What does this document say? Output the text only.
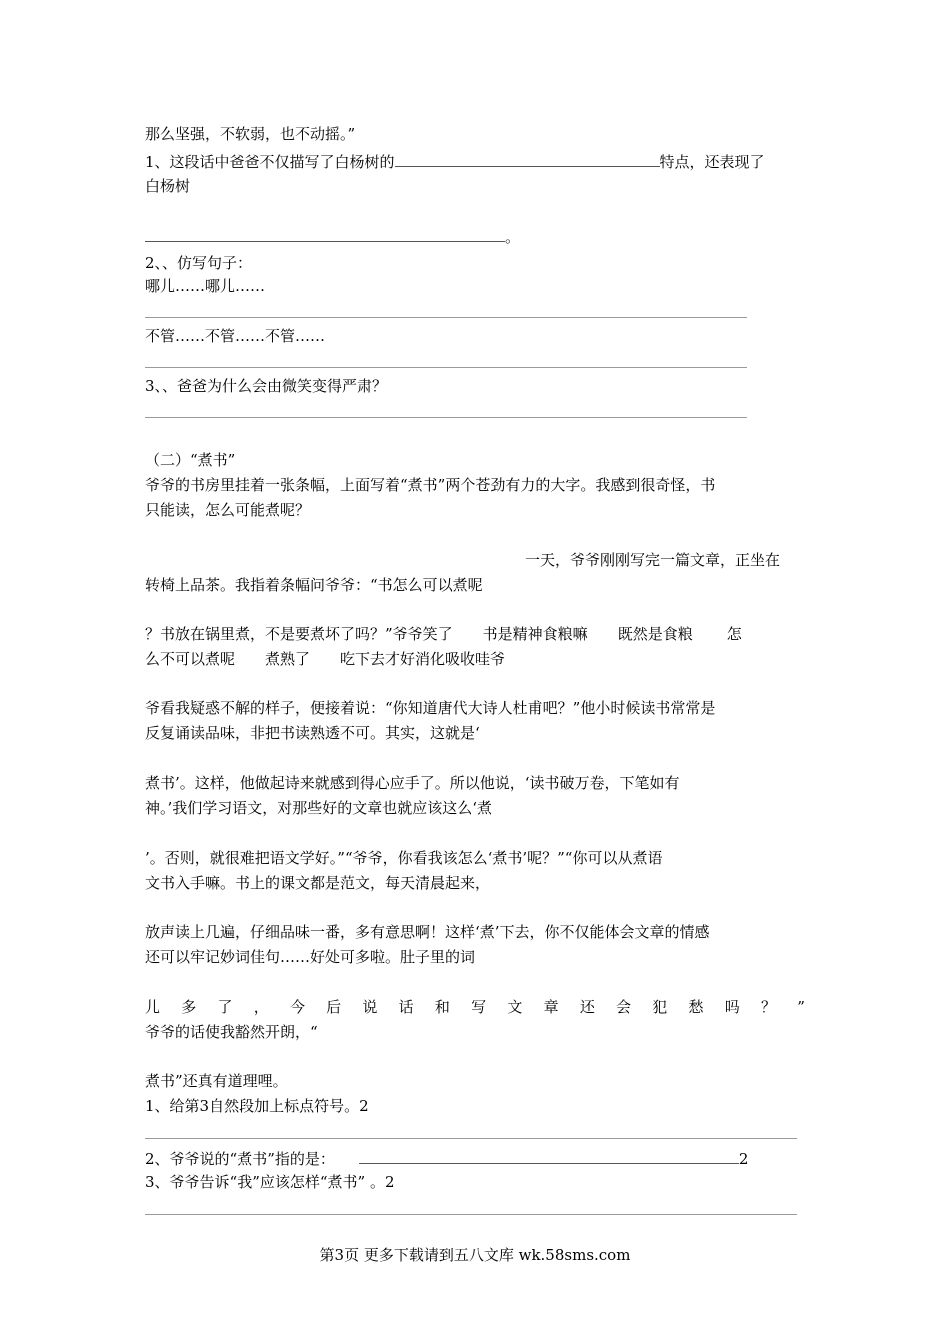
那么坚强，不软弱，也不动摇。”
1、这段话中爸爸不仅描写了白杨树的	特点，还表现了
白杨树
。
2、、仿写句子：
哪儿……哪儿……
不管……不管……不管……
3、、爸爸为什么会由微笑变得严肃？
（二）“煮书”
爷爷的书房里挂着一张条幅，上面写着“煮书”两个苍劲有力的大字。我感到很奇怪，书
只能读，怎么可能煮呢？
一天，爷爷刚刚写完一篇文章，正坐在
转椅上品茶。我指着条幅问爷爷：“书怎么可以煮呢
？书放在锅里煮，不是要煮坏了吗？”爷爷笑了 书是精神食粮嘛 既然是食粮 怎
么不可以煮呢 煮熟了 吃下去才好消化吸收哇爷
爷看我疑惑不解的样子，便接着说：“你知道唐代大诗人杜甫吧？”他小时候读书常常是
反复诵读品味，非把书读熟透不可。其实，这就是‘
煮书’。这样，他做起诗来就感到得心应手了。所以他说，‘读书破万卷，下笔如有
神。’我们学习语文，对那些好的文章也就应该这么‘煮
’。否则，就很难把语文学好。”“爷爷，你看我该怎么‘煮书’呢？”“你可以从煮语
文书入手嘛。书上的课文都是范文，每天清晨起来，
放声读上几遍，仔细品味一番，多有意思啊！这样‘煮’下去，你不仅能体会文章的情感
还可以牢记妙词佳句……好处可多啦。肚子里的词
儿 多 了 ， 今 后 说 话 和 写 文 章 还 会 犯 愁 吗 ？ ”
爷爷的话使我豁然开朗，“
煮书”还真有道理哩。
1、给第3自然段加上标点符号。2
2、爷爷说的“煮书”指的是：	2
3、爷爷告诉“我”应该怎样“煮书” 。2
第3页 更多下载请到五八文库 wk.58sms.com
